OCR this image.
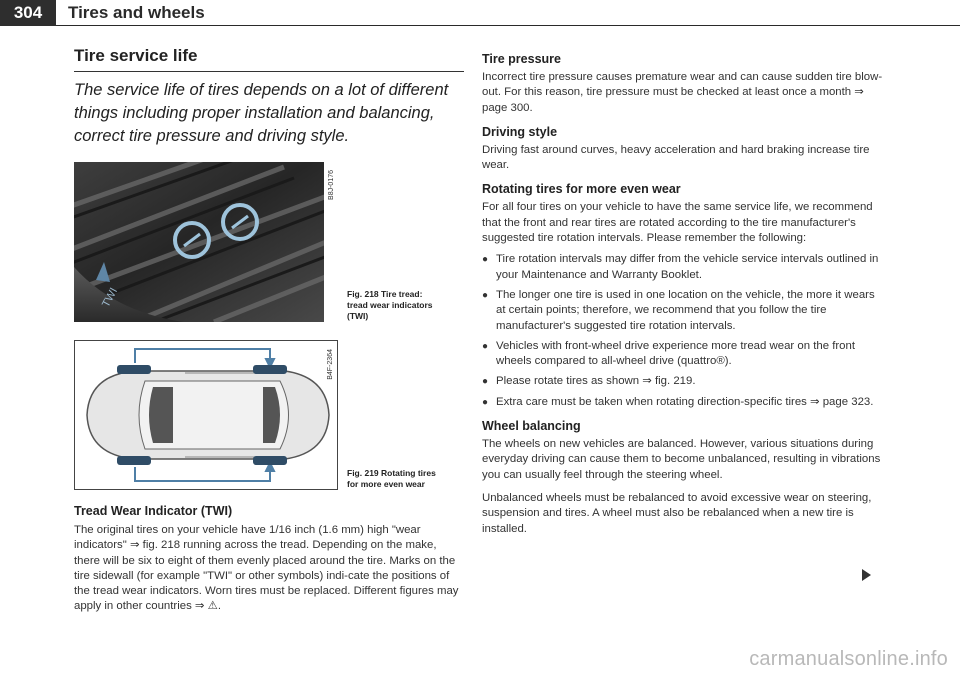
304	Tires and wheels
Tire service life
The service life of tires depends on a lot of different things including proper installation and balancing, correct tire pressure and driving style.
TWI
B8J-0176
Fig. 218 Tire tread: tread wear indicators (TWI)
B4F-2364
Fig. 219 Rotating tires for more even wear
Tread Wear Indicator (TWI)

The original tires on your vehicle have 1/16 inch (1.6 mm) high "wear indicators" ⇒ fig. 218 running across the tread. Depending on the make, there will be six to eight of them evenly placed around the tire. Marks on the tire sidewall (for example "TWI" or other symbols) indi-cate the positions of the tread wear indicators. Worn tires must be replaced. Different figures may apply in other countries ⇒ ⚠.

Tire pressure

Incorrect tire pressure causes premature wear and can cause sudden tire blow-out. For this reason, tire pressure must be checked at least once a month ⇒ page 300.

Driving style

Driving fast around curves, heavy acceleration and hard braking increase tire wear.

Rotating tires for more even wear

For all four tires on your vehicle to have the same service life, we recommend that the front and rear tires are rotated according to the tire manufacturer's suggested tire rotation intervals. Please remember the following:

● Tire rotation intervals may differ from the vehicle service intervals outlined in your Maintenance and Warranty Booklet.
● The longer one tire is used in one location on the vehicle, the more it wears at certain points; therefore, we recommend that you follow the tire manufacturer's suggested tire rotation intervals.
● Vehicles with front-wheel drive experience more tread wear on the front wheels compared to all-wheel drive (quattro®).
● Please rotate tires as shown ⇒ fig. 219.
● Extra care must be taken when rotating direction-specific tires ⇒ page 323.
Wheel balancing

The wheels on new vehicles are balanced. However, various situations during everyday driving can cause them to become unbalanced, resulting in vibrations you can usually feel through the steering wheel.

Unbalanced wheels must be rebalanced to avoid excessive wear on steering, suspension and tires. A wheel must also be rebalanced when a new tire is installed.

carmanualsonline.info
